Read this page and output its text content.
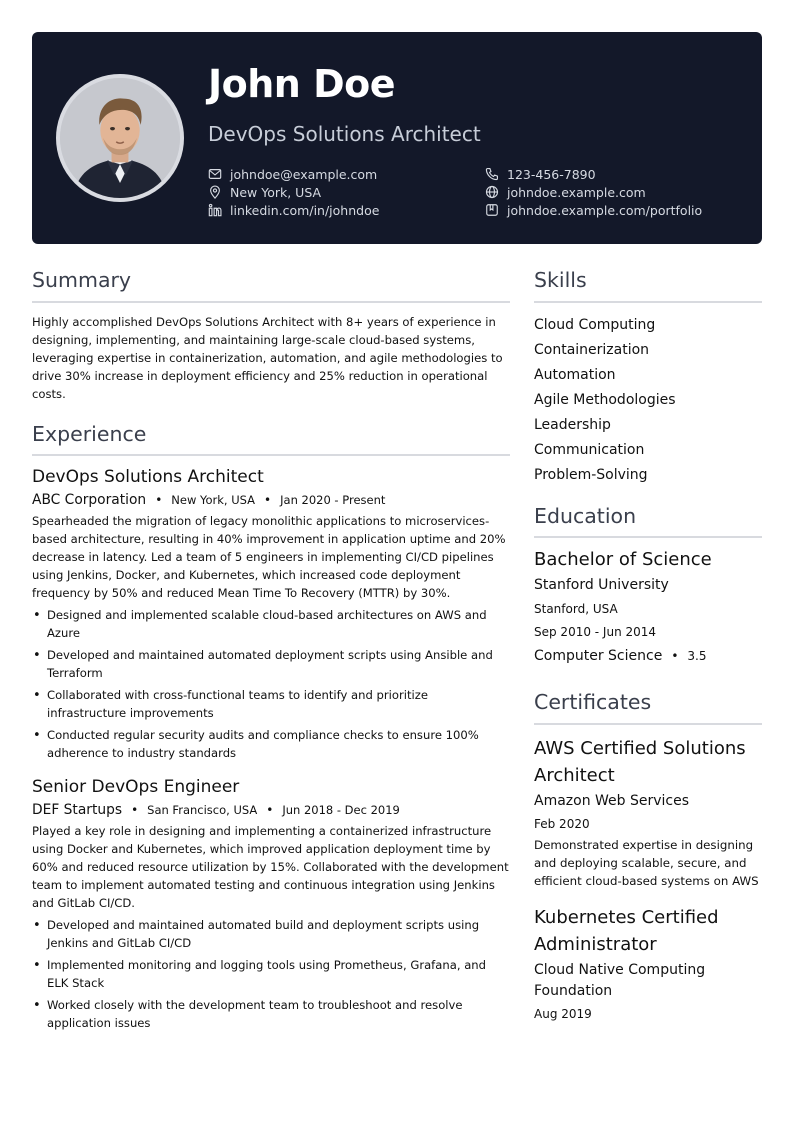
John Doe
DevOps Solutions Architect
johndoe@example.com
New York, USA
linkedin.com/in/johndoe
123-456-7890
johndoe.example.com
johndoe.example.com/portfolio
Summary
Highly accomplished DevOps Solutions Architect with 8+ years of experience in designing, implementing, and maintaining large-scale cloud-based systems, leveraging expertise in containerization, automation, and agile methodologies to drive 30% increase in deployment efficiency and 25% reduction in operational costs.
Experience
DevOps Solutions Architect
ABC Corporation • New York, USA • Jan 2020 - Present
Spearheaded the migration of legacy monolithic applications to microservices-based architecture, resulting in 40% improvement in application uptime and 20% decrease in latency. Led a team of 5 engineers in implementing CI/CD pipelines using Jenkins, Docker, and Kubernetes, which increased code deployment frequency by 50% and reduced Mean Time To Recovery (MTTR) by 30%.
• Designed and implemented scalable cloud-based architectures on AWS and Azure
• Developed and maintained automated deployment scripts using Ansible and Terraform
• Collaborated with cross-functional teams to identify and prioritize infrastructure improvements
• Conducted regular security audits and compliance checks to ensure 100% adherence to industry standards
Senior DevOps Engineer
DEF Startups • San Francisco, USA • Jun 2018 - Dec 2019
Played a key role in designing and implementing a containerized infrastructure using Docker and Kubernetes, which improved application deployment time by 60% and reduced resource utilization by 15%. Collaborated with the development team to implement automated testing and continuous integration using Jenkins and GitLab CI/CD.
• Developed and maintained automated build and deployment scripts using Jenkins and GitLab CI/CD
• Implemented monitoring and logging tools using Prometheus, Grafana, and ELK Stack
• Worked closely with the development team to troubleshoot and resolve application issues
Skills
Cloud Computing
Containerization
Automation
Agile Methodologies
Leadership
Communication
Problem-Solving
Education
Bachelor of Science
Stanford University
Stanford, USA
Sep 2010 - Jun 2014
Computer Science • 3.5
Certificates
AWS Certified Solutions Architect
Amazon Web Services
Feb 2020
Demonstrated expertise in designing and deploying scalable, secure, and efficient cloud-based systems on AWS
Kubernetes Certified Administrator
Cloud Native Computing Foundation
Aug 2019
